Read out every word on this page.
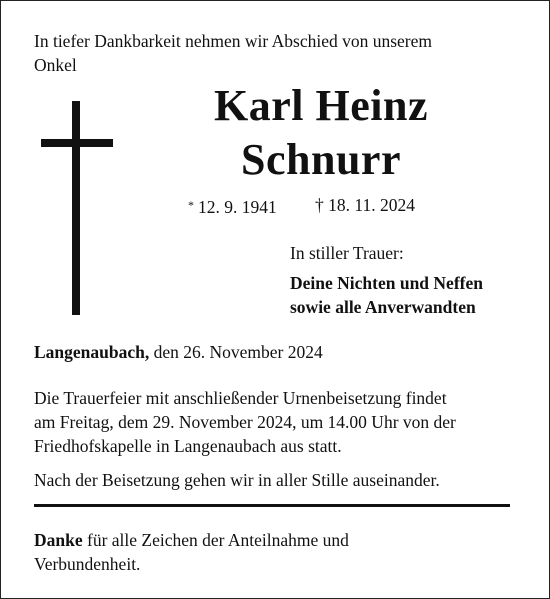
In tiefer Dankbarkeit nehmen wir Abschied von unserem
Onkel
Karl Heinz
Schnurr
* 12. 9. 1941 † 18. 11. 2024
In stiller Trauer:
Deine Nichten und Neffen
sowie alle Anverwandten
Langenaubach, den 26. November 2024
Die Trauerfeier mit anschließender Urnenbeisetzung findet
am Freitag, dem 29. November 2024, um 14.00 Uhr von der
Friedhofskapelle in Langenaubach aus statt.
Nach der Beisetzung gehen wir in aller Stille auseinander.
Danke für alle Zeichen der Anteilnahme und
Verbundenheit.
